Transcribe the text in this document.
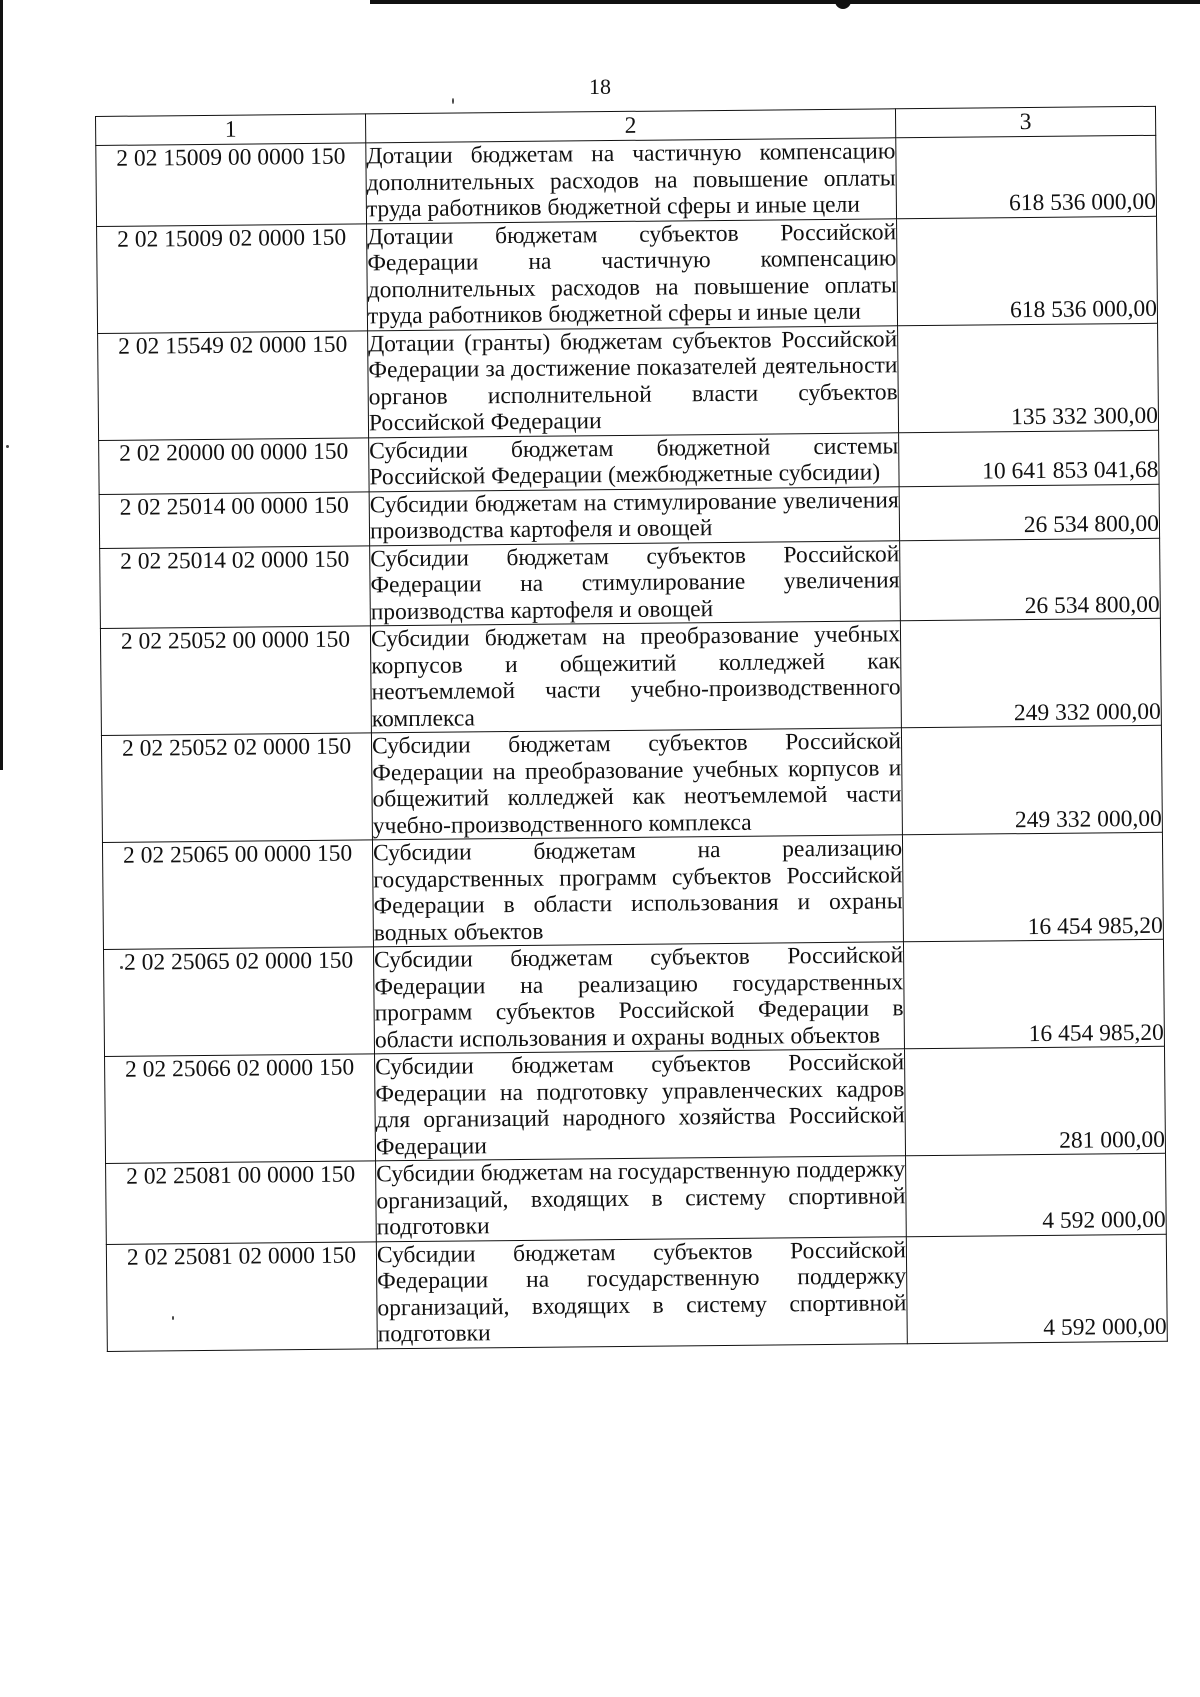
18
1	2	3
2 02 15009 00 0000 150	Дотации бюджетам на частичную компенсацию дополнительных расходов на повышение оплаты труда работников бюджетной сферы и иные цели	618 536 000,00
2 02 15009 02 0000 150	Дотации бюджетам субъектов Российской Федерации на частичную компенсацию дополнительных расходов на повышение оплаты труда работников бюджетной сферы и иные цели	618 536 000,00
2 02 15549 02 0000 150	Дотации (гранты) бюджетам субъектов Российской Федерации за достижение показателей деятельности органов исполнительной власти субъектов Российской Федерации	135 332 300,00
2 02 20000 00 0000 150	Субсидии бюджетам бюджетной системы Российской Федерации (межбюджетные субсидии)	10 641 853 041,68
2 02 25014 00 0000 150	Субсидии бюджетам на стимулирование увеличения производства картофеля и овощей	26 534 800,00
2 02 25014 02 0000 150	Субсидии бюджетам субъектов Российской Федерации на стимулирование увеличения производства картофеля и овощей	26 534 800,00
2 02 25052 00 0000 150	Субсидии бюджетам на преобразование учебных корпусов и общежитий колледжей как неотъемлемой части учебно-производственного комплекса	249 332 000,00
2 02 25052 02 0000 150	Субсидии бюджетам субъектов Российской Федерации на преобразование учебных корпусов и общежитий колледжей как неотъемлемой части учебно-производственного комплекса	249 332 000,00
2 02 25065 00 0000 150	Субсидии бюджетам на реализацию государственных программ субъектов Российской Федерации в области использования и охраны водных объектов	16 454 985,20
2 02 25065 02 0000 150	Субсидии бюджетам субъектов Российской Федерации на реализацию государственных программ субъектов Российской Федерации в области использования и охраны водных объектов	16 454 985,20
2 02 25066 02 0000 150	Субсидии бюджетам субъектов Российской Федерации на подготовку управленческих кадров для организаций народного хозяйства Российской Федерации	281 000,00
2 02 25081 00 0000 150	Субсидии бюджетам на государственную поддержку организаций, входящих в систему спортивной подготовки	4 592 000,00
2 02 25081 02 0000 150	Субсидии бюджетам субъектов Российской Федерации на государственную поддержку организаций, входящих в систему спортивной подготовки	4 592 000,00
